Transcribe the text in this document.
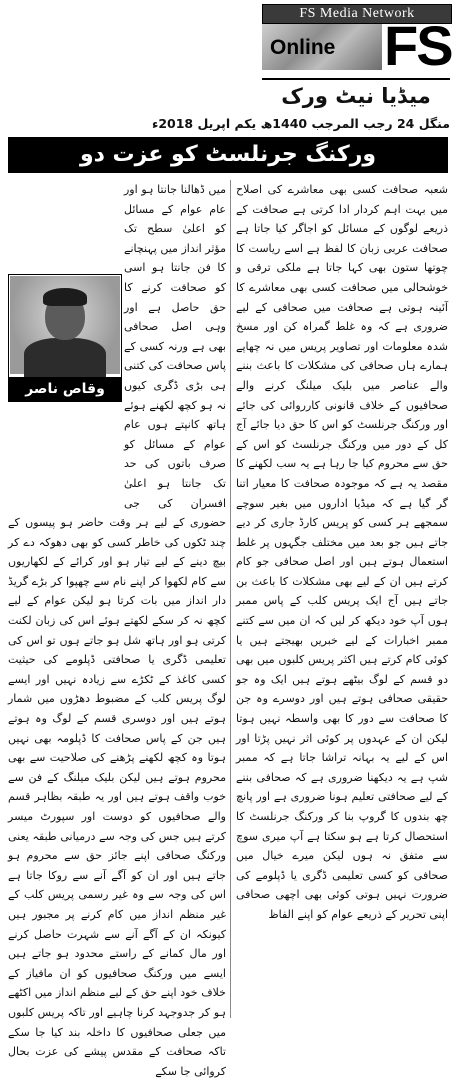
FS Media Network
Online FS
میڈیا نیٹ ورک
منگل 24 رجب المرجب 1440ھ یکم اپریل 2018ء
ورکنگ جرنلسٹ کو عزت دو

شعبہ صحافت کسی بھی معاشرے کی اصلاح میں بہت اہم کردار ادا کرتی ہے صحافت کے ذریعے لوگوں کے مسائل کو اجاگر کیا جاتا ہے صحافت عربی زبان کا لفظ ہے اسے ریاست کا چوتھا ستون بھی کہا جاتا ہے ملکی ترقی و خوشحالی میں صحافت کسی بھی معاشرے کا آئینہ ہوتی ہے صحافت میں صحافی کے لیے ضروری ہے کہ وہ غلط گمراہ کن اور مسخ شدہ معلومات اور تصاویر پریس میں نہ چھاپے ہمارے ہاں صحافی کی مشکلات کا باعث بننے والے عناصر میں بلیک میلنگ کرنے والے صحافیوں کے خلاف قانونی کارروائی کی جائے اور ورکنگ جرنلسٹ کو اس کا حق دیا جائے آج کل کے دور میں ورکنگ جرنلسٹ کو اس کے حق سے محروم کیا جا رہا ہے یہ سب لکھنے کا مقصد یہ ہے کہ موجودہ صحافت کا معیار اتنا گر گیا ہے کہ میڈیا اداروں میں بغیر سوچے سمجھے ہر کسی کو پریس کارڈ جاری کر دیے جاتے ہیں جو بعد میں مختلف جگہوں پر غلط استعمال ہوتے ہیں اور اصل صحافی جو کام کرتے ہیں ان کے لیے بھی مشکلات کا باعث بن جاتے ہیں آج ایک پریس کلب کے پاس ممبر ہوں آپ خود دیکھ کر لیں کہ ان میں سے کتنے ممبر اخبارات کے لیے خبریں بھیجتے ہیں یا کوئی کام کرتے ہیں اکثر پریس کلبوں میں بھی دو قسم کے لوگ بیٹھے ہوتے ہیں ایک وہ جو حقیقی صحافی ہوتے ہیں اور دوسرے وہ جن کا صحافت سے دور کا بھی واسطہ نہیں ہوتا لیکن ان کے عہدوں پر کوئی اثر نہیں پڑتا اور اس کے لیے یہ بہانہ تراشا جاتا ہے کہ ممبر شپ ہے یہ دیکھنا ضروری ہے کہ صحافی بننے کے لیے صحافتی تعلیم ہونا ضروری ہے اور پانچ چھ بندوں کا گروپ بنا کر ورکنگ جرنلسٹ کا استحصال کرتا ہے ہو سکتا ہے آپ میری سوچ سے متفق نہ ہوں لیکن میرے خیال میں صحافی کو کسی تعلیمی ڈگری یا ڈپلومے کی ضرورت نہیں ہوتی کوئی بھی اچھی صحافی اپنی تحریر کے ذریعے عوام کو اپنے الفاظ

میں ڈھالنا جانتا ہو اور عام عوام کے مسائل کو اعلیٰ سطح تک مؤثر انداز میں پہنچانے کا فن جانتا ہو اسی کو صحافت کرنے کا حق حاصل ہے اور وہی اصل صحافی بھی ہے ورنہ کسی کے پاس صحافت کی کتنی ہی بڑی ڈگری کیوں نہ ہو کچھ لکھنے ہوئے ہاتھ کانپتے ہوں عام عوام کے مسائل کو صرف باتوں کی حد تک جانتا ہو اعلیٰ افسران کی جی حضوری کے لیے ہر وقت حاضر ہو پیسوں کے چند ٹکوں کی خاطر کسی کو بھی دھوکہ دے کر بیچ دینے کے لیے تیار ہو اور کرائے کے لکھاریوں سے کام لکھوا کر اپنے نام سے چھپوا کر بڑے گریڈ دار انداز میں بات کرتا ہو لیکن عوام کے لیے کچھ نہ کر سکے لکھتے ہوئے اس کی زبان لکنت کرتی ہو اور ہاتھ شل ہو جاتے ہوں تو اس کی تعلیمی ڈگری یا صحافتی ڈپلومے کی حیثیت کسی کاغذ کے ٹکڑے سے زیادہ نہیں اور ایسے لوگ پریس کلب کے مضبوط دھڑوں میں شمار ہوتے ہیں اور دوسری قسم کے لوگ وہ ہوتے ہیں جن کے پاس صحافت کا ڈپلومہ بھی نہیں ہوتا وہ کچھ لکھنے پڑھنے کی صلاحیت سے بھی محروم ہوتے ہیں لیکن بلیک میلنگ کے فن سے خوب واقف ہوتے ہیں اور یہ طبقہ بظاہر قسم والے صحافیوں کو دوست اور سپورٹ میسر کرتے ہیں جس کی وجہ سے درمیانی طبقہ یعنی ورکنگ صحافی اپنے جائز حق سے محروم ہو جاتے ہیں اور ان کو آگے آنے سے روکا جاتا ہے اس کی وجہ سے وہ غیر رسمی پریس کلب کے غیر منظم انداز میں کام کرنے پر مجبور ہیں کیونکہ ان کے آگے آنے سے شہرت حاصل کرنے اور مال کمانے کے راستے محدود ہو جاتے ہیں ایسے میں ورکنگ صحافیوں کو ان مافیاز کے خلاف خود اپنے حق کے لیے منظم انداز میں اکٹھے ہو کر جدوجہد کرنا چاہیے اور تاکہ پریس کلبوں میں جعلی صحافیوں کا داخلہ بند کیا جا سکے تاکہ صحافت کے مقدس پیشے کی عزت بحال کروائی جا سکے

وقاص ناصر
